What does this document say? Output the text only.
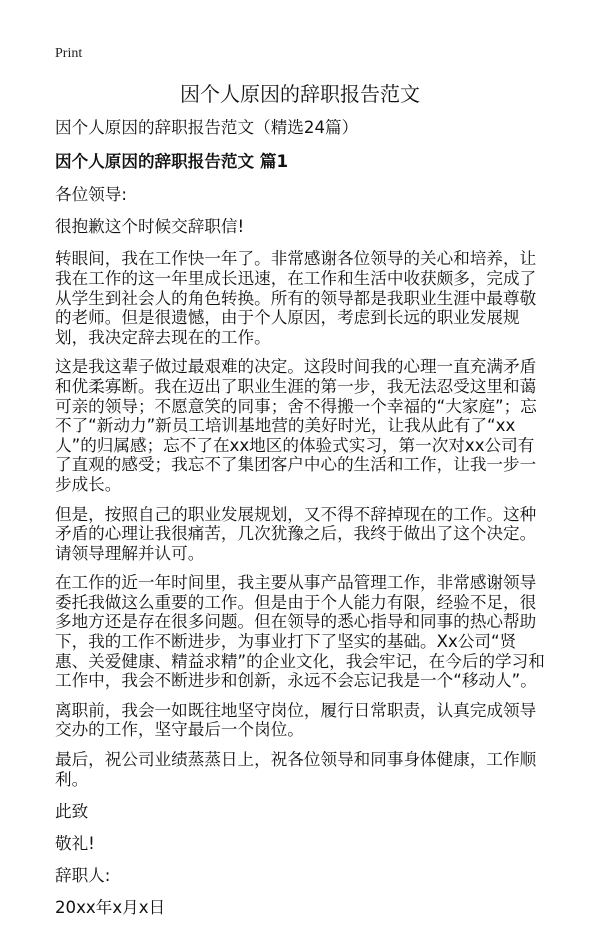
Print
因个人原因的辞职报告范文

因个人原因的辞职报告范文（精选24篇）

因个人原因的辞职报告范文 篇1

各位领导:

很抱歉这个时候交辞职信!

转眼间，我在工作快一年了。非常感谢各位领导的关心和培养，让我在工作的这一年里成长迅速，在工作和生活中收获颇多，完成了从学生到社会人的角色转换。所有的领导都是我职业生涯中最尊敬的老师。但是很遗憾，由于个人原因，考虑到长远的职业发展规划，我决定辞去现在的工作。

这是我这辈子做过最艰难的决定。这段时间我的心理一直充满矛盾和优柔寡断。我在迈出了职业生涯的第一步，我无法忍受这里和蔼可亲的领导；不愿意笑的同事；舍不得搬一个幸福的“大家庭”；忘不了“新动力”新员工培训基地营的美好时光，让我从此有了“xx人”的归属感；忘不了在xx地区的体验式实习，第一次对xx公司有了直观的感受；我忘不了集团客户中心的生活和工作，让我一步一步成长。

但是，按照自己的职业发展规划，又不得不辞掉现在的工作。这种矛盾的心理让我很痛苦，几次犹豫之后，我终于做出了这个决定。请领导理解并认可。

在工作的近一年时间里，我主要从事产品管理工作，非常感谢领导委托我做这么重要的工作。但是由于个人能力有限，经验不足，很多地方还是存在很多问题。但在领导的悉心指导和同事的热心帮助下，我的工作不断进步，为事业打下了坚实的基础。Xx公司“贤惠、关爱健康、精益求精”的企业文化，我会牢记，在今后的学习和工作中，我会不断进步和创新，永远不会忘记我是一个“移动人”。

离职前，我会一如既往地坚守岗位，履行日常职责，认真完成领导交办的工作，坚守最后一个岗位。

最后，祝公司业绩蒸蒸日上，祝各位领导和同事身体健康，工作顺利。

此致

敬礼!

辞职人:

20xx年x月x日
